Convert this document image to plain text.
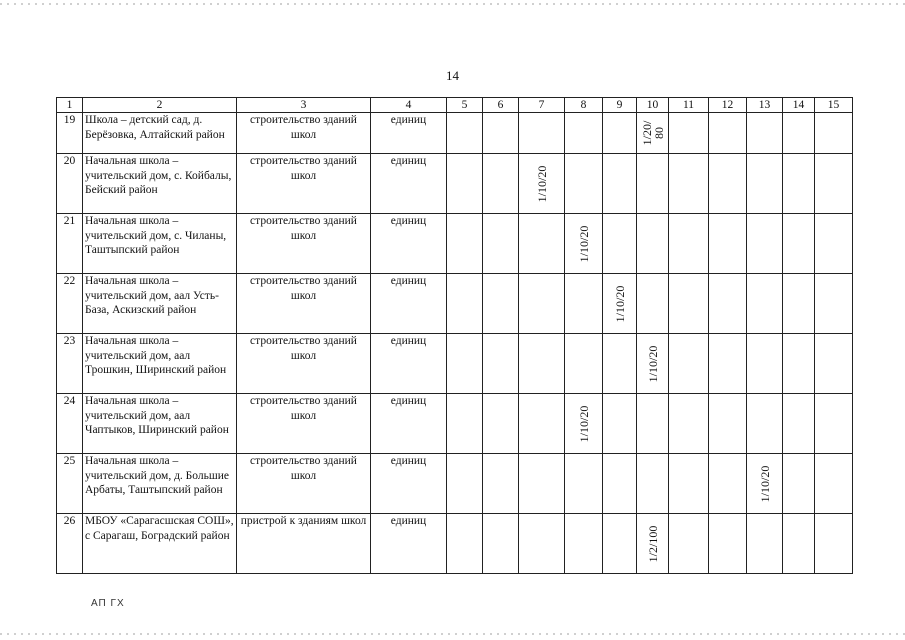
14
1	2	3	4	5	6	7	8	9	10	11	12	13	14	15
19	Школа – детский сад, д. Берёзовка, Алтайский район	строительство зданий школ	единиц						1/20/ 80					

20	Начальная школа – учительский дом, с. Койбалы, Бейский район	строительство зданий школ	единиц			1/10/20								

21	Начальная школа – учительский дом, с. Чиланы, Таштыпский район	строительство зданий школ	единиц				1/10/20							

22	Начальная школа – учительский дом, аал Усть-База, Аскизский район	строительство зданий школ	единиц					1/10/20						

23	Начальная школа – учительский дом, аал Трошкин, Ширинский район	строительство зданий школ	единиц						1/10/20					

24	Начальная школа – учительский дом, аал Чаптыков, Ширинский район	строительство зданий школ	единиц				1/10/20							

25	Начальная школа – учительский дом, д. Большие Арбаты, Таштыпский район	строительство зданий школ	единиц									1/10/20		

26	МБОУ «Сарагасшская СОШ», с Сарагаш, Боградский район	пристрой к зданиям школ	единиц						1/2/100					

АП ГХ
